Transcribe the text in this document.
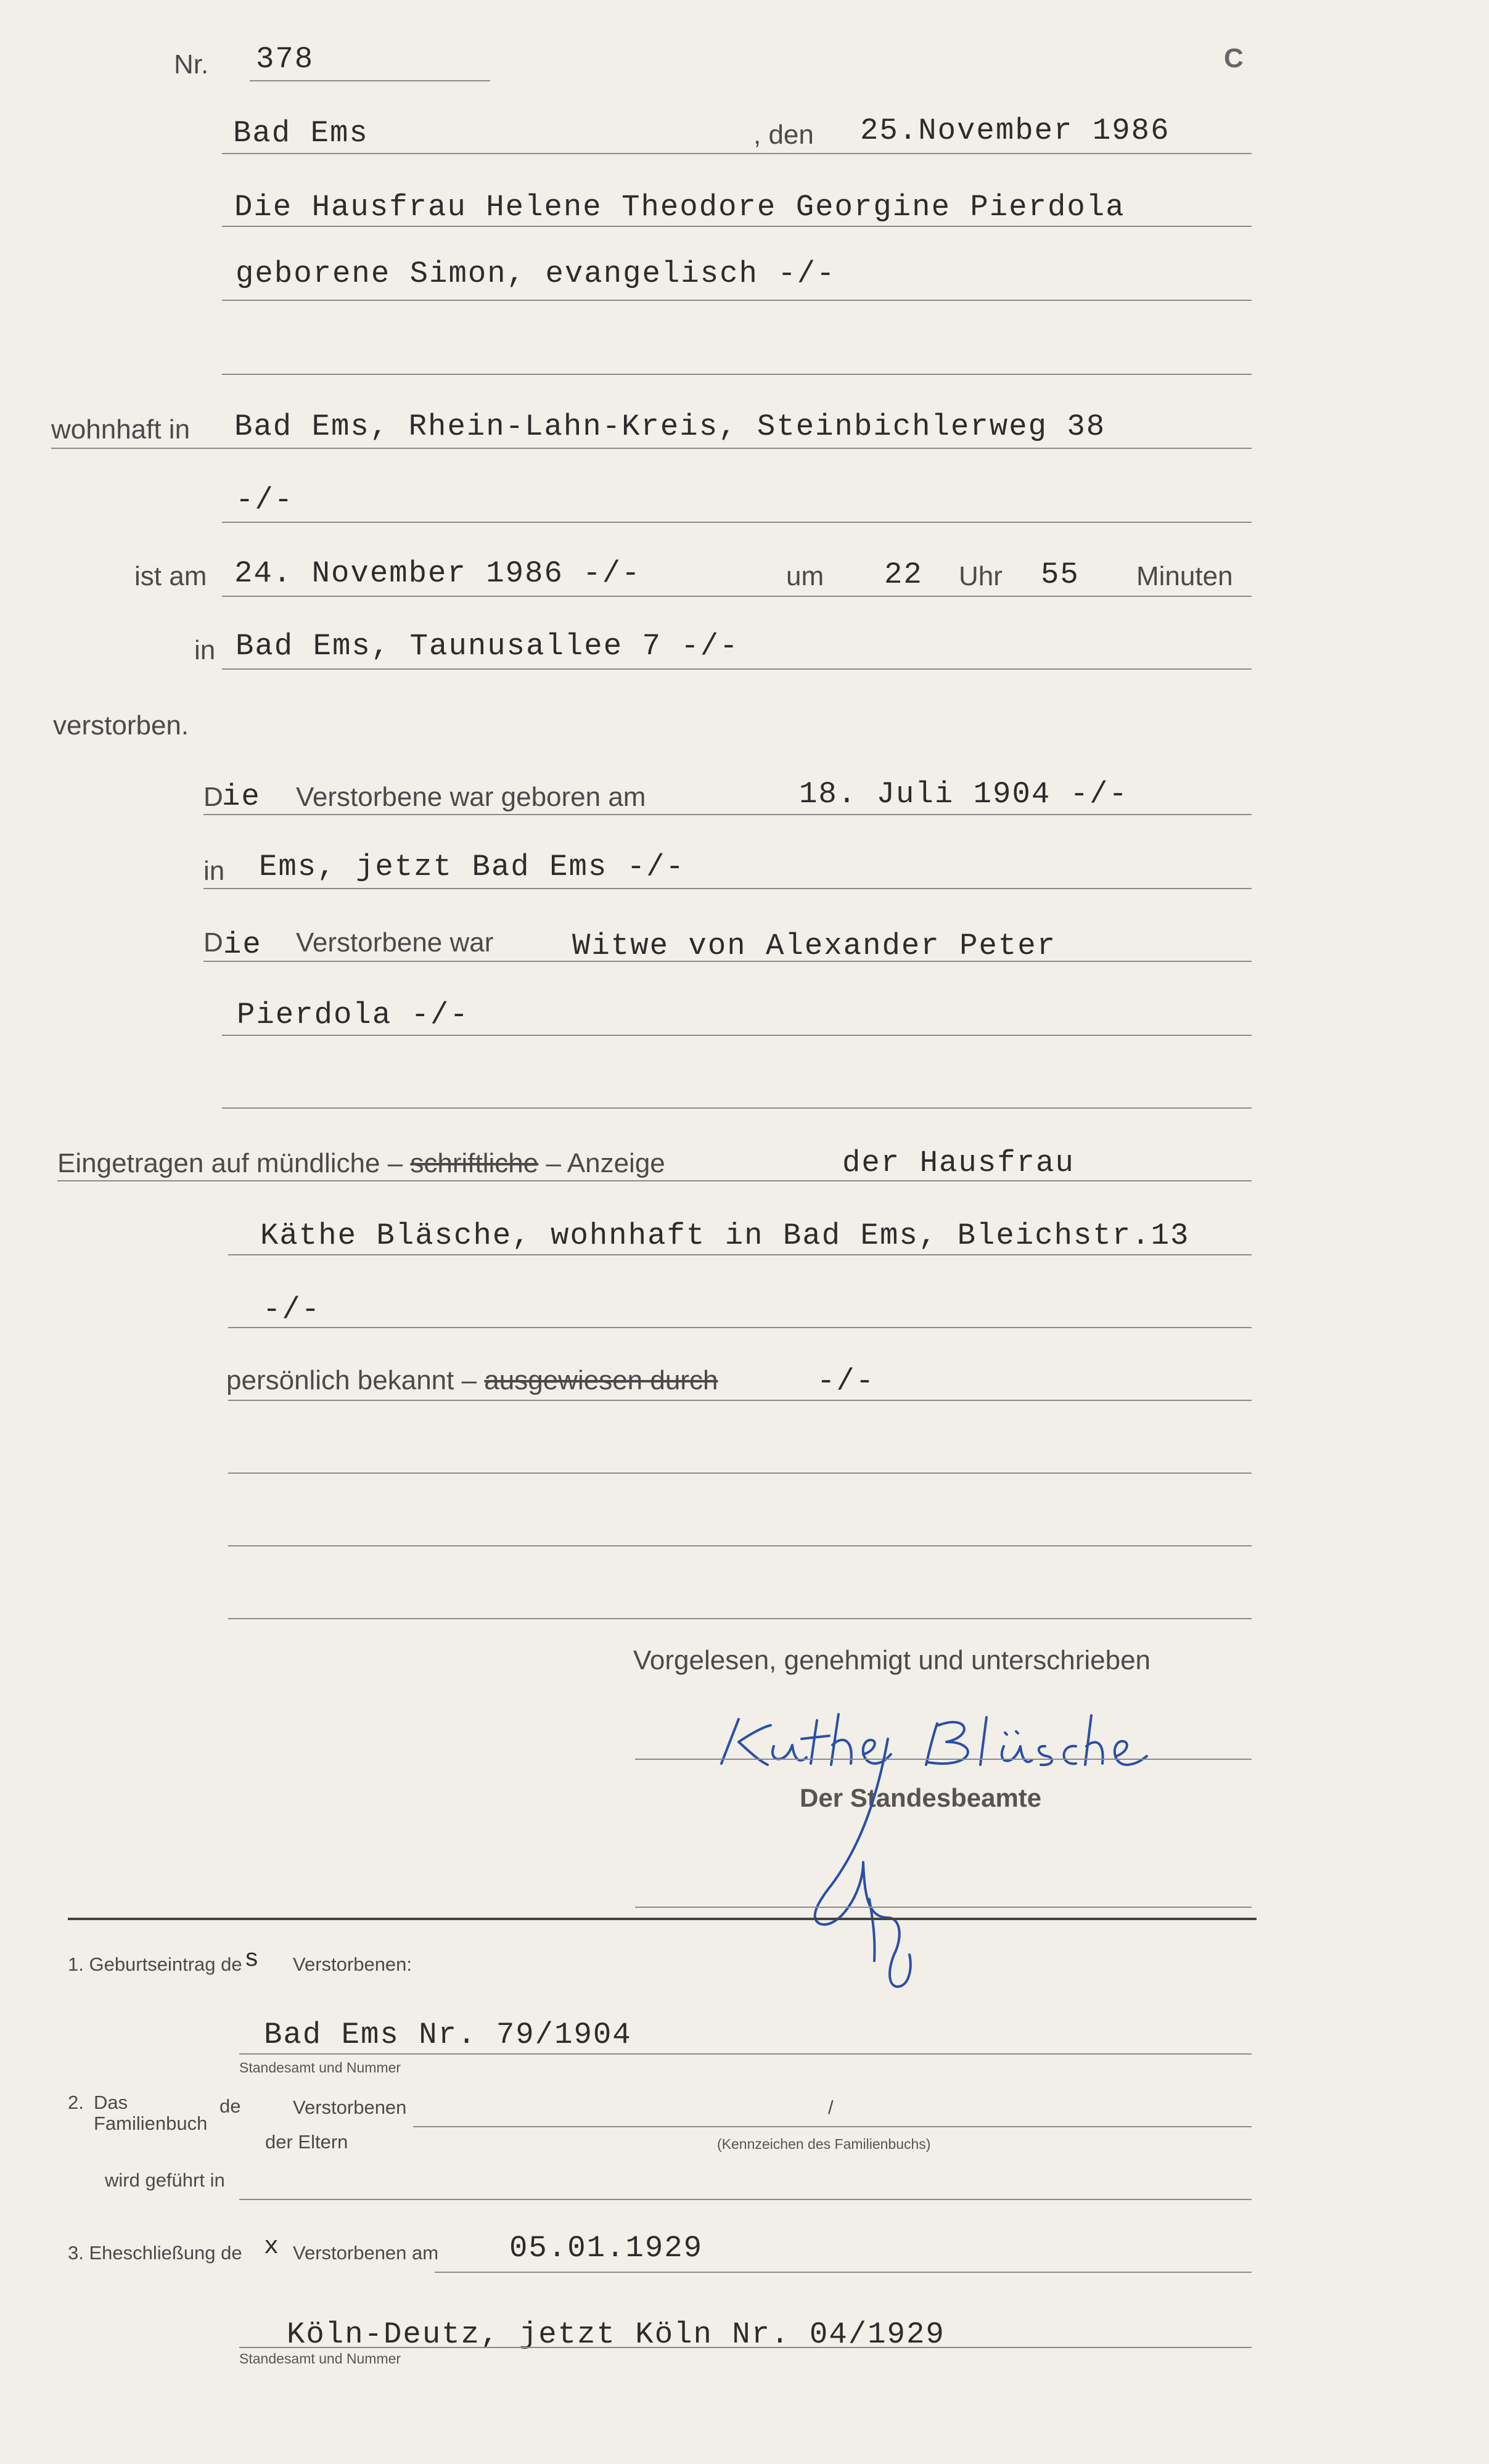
Nr. 378	C
Bad Ems	, den 25.November 1986
Die Hausfrau Helene Theodore Georgine Pierdola
geborene Simon, evangelisch -/-
wohnhaft in Bad Ems, Rhein-Lahn-Kreis, Steinbichlerweg 38
-/-
ist am 24. November 1986 -/-	um 22 Uhr 55 Minuten
in Bad Ems, Taunusallee 7 -/-
verstorben.
D
ie Verstorbene war geboren am	18. Juli 1904 -/-
in Ems, jetzt Bad Ems -/-
D ie Verstorbene war	Witwe von Alexander Peter
Pierdola -/-
Eingetragen auf mündliche – schriftliche – Anzeige	der Hausfrau
Käthe Bläsche, wohnhaft in Bad Ems, Bleichstr.13
-/-
persönlich bekannt – ausgewiesen durch	-/-
Vorgelesen, genehmigt und unterschrieben
Der Standesbeamte
1. Geburtseintrag de s Verstorbenen:
Bad Ems Nr. 79/1904
Standesamt und Nummer
2. Das
Familienbuch
de	Verstorbenen
der Eltern
/
(Kennzeichen des Familienbuchs)
wird geführt in
3. Eheschließung de x Verstorbenen am 05.01.1929
Köln-Deutz, jetzt Köln Nr. 04/1929
Standesamt und Nummer
